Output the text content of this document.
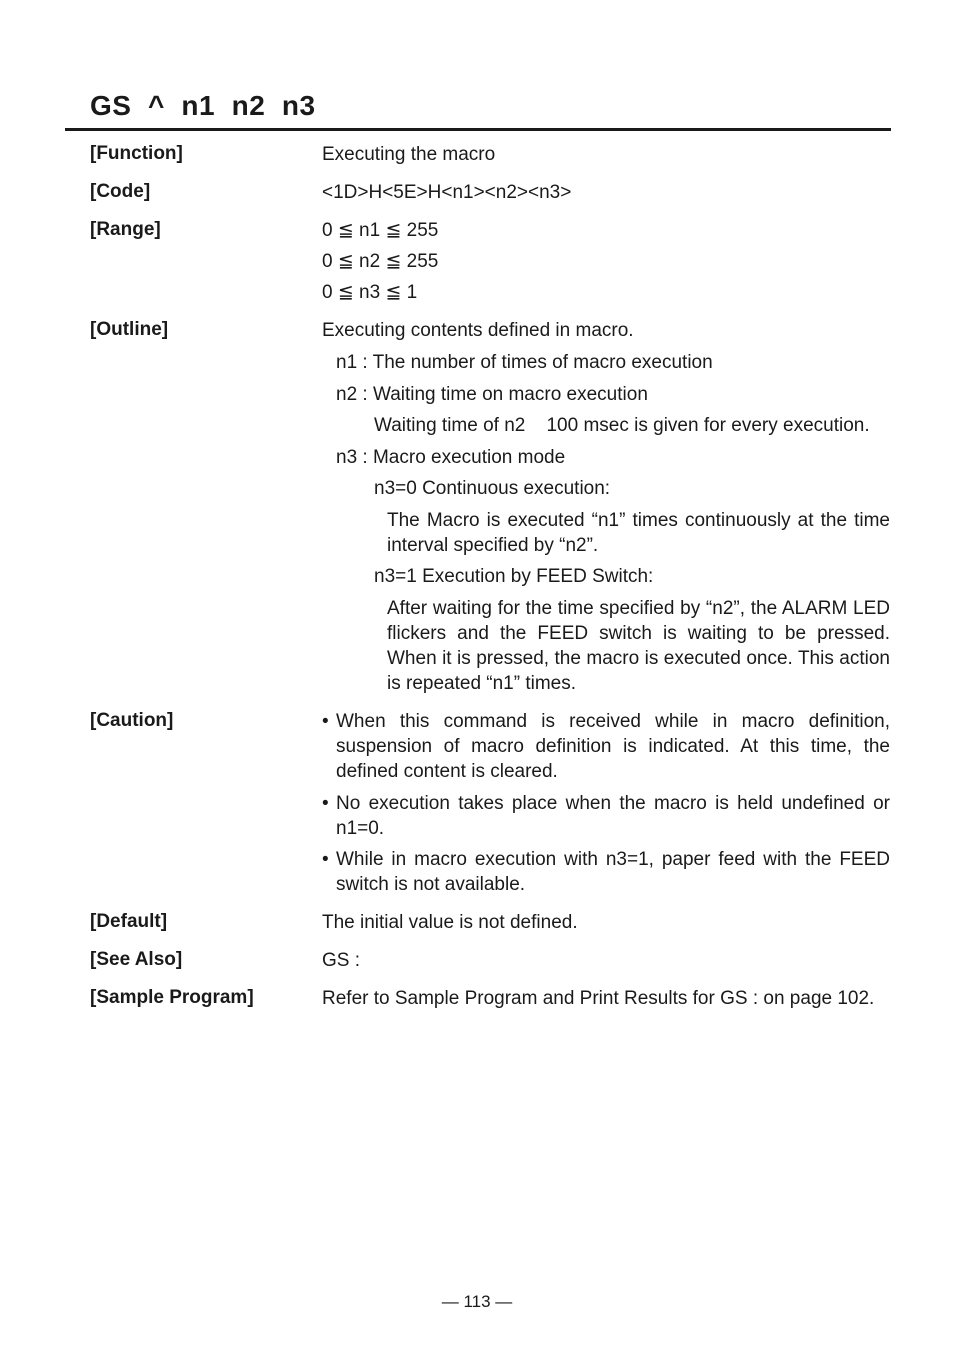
GS  ^  n1  n2  n3
[Function]	Executing the macro
[Code]	<1D>H<5E>H<n1><n2><n3>
[Range]	0 ≦ n1 ≦ 255
0 ≦ n2 ≦ 255
0 ≦ n3 ≦ 1
[Outline]	Executing contents defined in macro.
n1 : The number of times of macro execution
n2 : Waiting time on macro execution
Waiting time of n2    100 msec is given for every execution.
n3 : Macro execution mode
n3=0 Continuous execution:
The Macro is executed “n1” times continuously at the time interval specified by “n2”.
n3=1 Execution by FEED Switch:
After waiting for the time specified by “n2”, the ALARM LED flickers and the FEED switch is waiting to be pressed. When it is pressed, the macro is executed once. This action is repeated “n1” times.
[Caution]	• When this command is received while in macro definition, suspension of macro definition is indicated. At this time, the defined content is cleared.
• No execution takes place when the macro is held undefined or n1=0.
• While in macro execution with n3=1, paper feed with the FEED switch is not available.
[Default]	The initial value is not defined.
[See Also]	GS :
[Sample Program]	Refer to Sample Program and Print Results for GS : on page 102.
— 113 —
